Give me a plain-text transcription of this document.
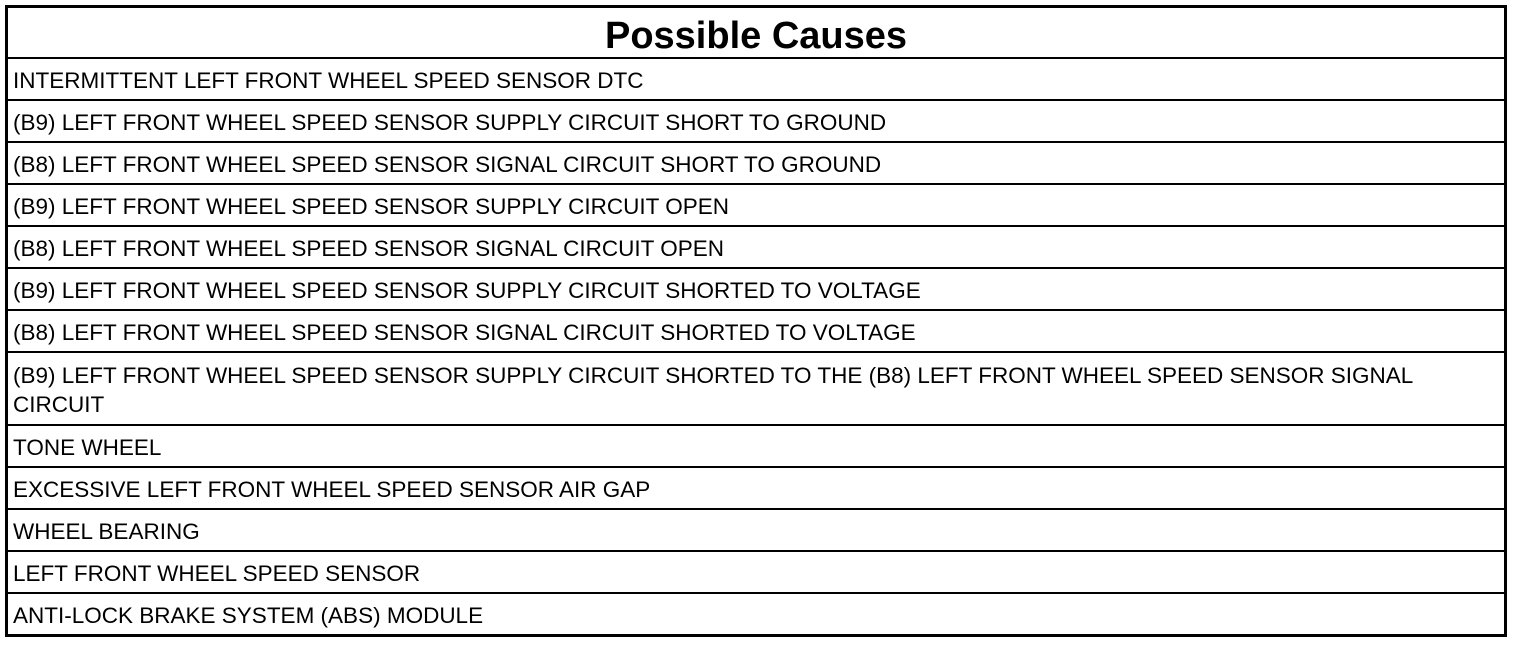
Possible Causes
INTERMITTENT LEFT FRONT WHEEL SPEED SENSOR DTC
(B9) LEFT FRONT WHEEL SPEED SENSOR SUPPLY CIRCUIT SHORT TO GROUND
(B8) LEFT FRONT WHEEL SPEED SENSOR SIGNAL CIRCUIT SHORT TO GROUND
(B9) LEFT FRONT WHEEL SPEED SENSOR SUPPLY CIRCUIT OPEN
(B8) LEFT FRONT WHEEL SPEED SENSOR SIGNAL CIRCUIT OPEN
(B9) LEFT FRONT WHEEL SPEED SENSOR SUPPLY CIRCUIT SHORTED TO VOLTAGE
(B8) LEFT FRONT WHEEL SPEED SENSOR SIGNAL CIRCUIT SHORTED TO VOLTAGE
(B9) LEFT FRONT WHEEL SPEED SENSOR SUPPLY CIRCUIT SHORTED TO THE (B8) LEFT FRONT WHEEL SPEED SENSOR SIGNAL CIRCUIT
TONE WHEEL
EXCESSIVE LEFT FRONT WHEEL SPEED SENSOR AIR GAP
WHEEL BEARING
LEFT FRONT WHEEL SPEED SENSOR
ANTI-LOCK BRAKE SYSTEM (ABS) MODULE
